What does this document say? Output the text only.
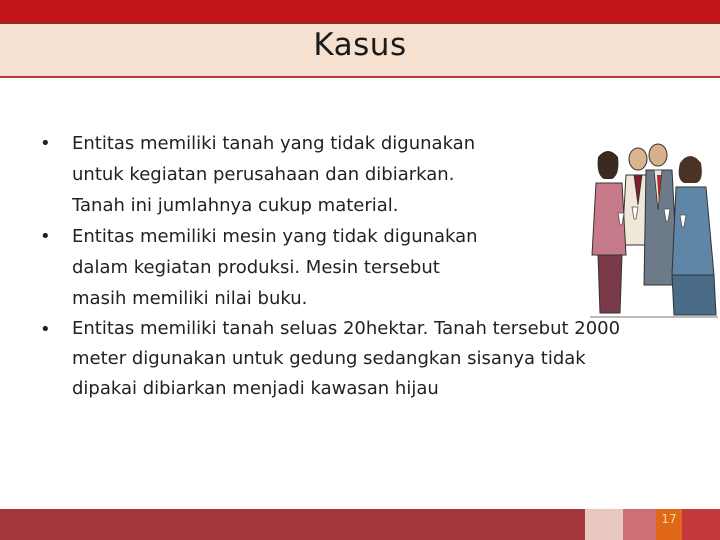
Kasus
• Entitas memiliki tanah yang tidak digunakan
untuk kegiatan perusahaan dan dibiarkan.
Tanah ini jumlahnya cukup material.
• Entitas memiliki mesin yang tidak digunakan
dalam kegiatan produksi. Mesin tersebut
masih memiliki nilai buku.
• Entitas memiliki tanah seluas 20hektar. Tanah tersebut 2000
meter digunakan untuk gedung sedangkan sisanya tidak
dipakai dibiarkan menjadi kawasan hijau
17
